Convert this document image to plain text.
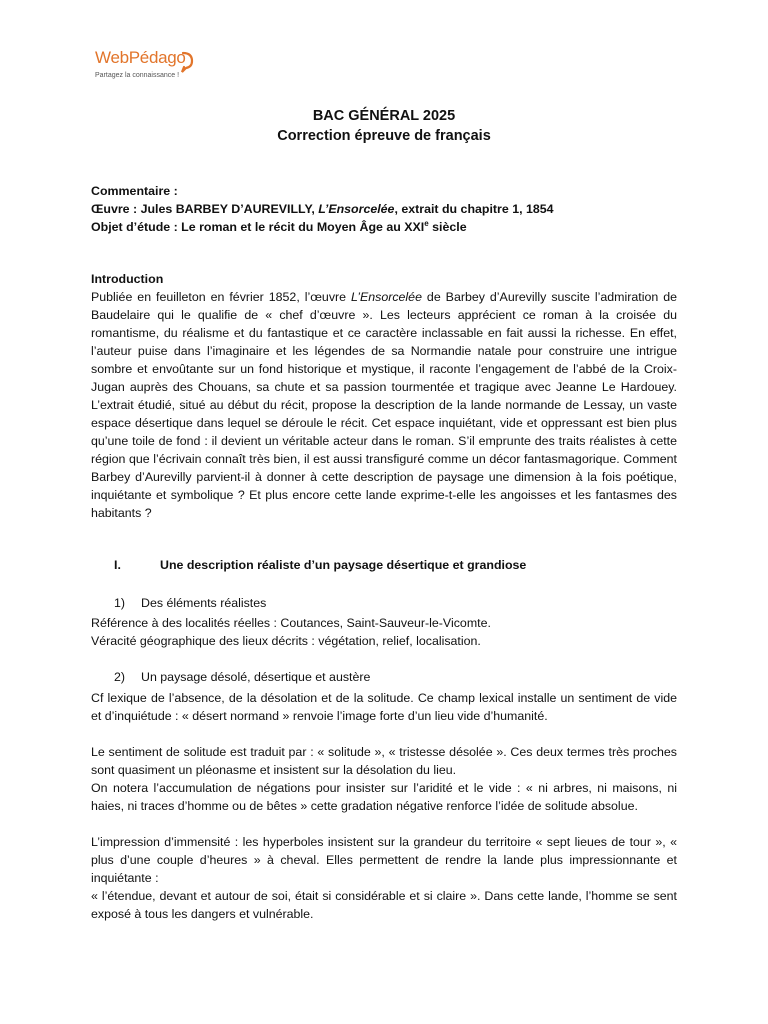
WebPédago
Partagez la connaissance !
BAC GÉNÉRAL 2025
Correction épreuve de français
Commentaire :
Œuvre : Jules BARBEY D’AUREVILLY, L’Ensorcelée, extrait du chapitre 1, 1854
Objet d’étude : Le roman et le récit du Moyen Âge au XXIe siècle
Introduction

Publiée en feuilleton en février 1852, l’œuvre L’Ensorcelée de Barbey d’Aurevilly suscite l’admiration de Baudelaire qui le qualifie de « chef d’œuvre ». Les lecteurs apprécient ce roman à la croisée du romantisme, du réalisme et du fantastique et ce caractère inclassable en fait aussi la richesse. En effet, l’auteur puise dans l’imaginaire et les légendes de sa Normandie natale pour construire une intrigue sombre et envoûtante sur un fond historique et mystique, il raconte l’engagement de l’abbé de la Croix-Jugan auprès des Chouans, sa chute et sa passion tourmentée et tragique avec Jeanne Le Hardouey. L’extrait étudié, situé au début du récit, propose la description de la lande normande de Lessay, un vaste espace désertique dans lequel se déroule le récit. Cet espace inquiétant, vide et oppressant est bien plus qu’une toile de fond : il devient un véritable acteur dans le roman. S’il emprunte des traits réalistes à cette région que l’écrivain connaît très bien, il est aussi transfiguré comme un décor fantasmagorique. Comment Barbey d’Aurevilly parvient-il à donner à cette description de paysage une dimension à la fois poétique, inquiétante et symbolique ? Et plus encore cette lande exprime-t-elle les angoisses et les fantasmes des habitants ?

I.	Une description réaliste d’un paysage désertique et grandiose
1) Des éléments réalistes
Référence à des localités réelles : Coutances, Saint-Sauveur-le-Vicomte.
Véracité géographique des lieux décrits : végétation, relief, localisation.
2) Un paysage désolé, désertique et austère

Cf lexique de l’absence, de la désolation et de la solitude. Ce champ lexical installe un sentiment de vide et d’inquiétude : « désert normand » renvoie l’image forte d’un lieu vide d’humanité.

Le sentiment de solitude est traduit par : « solitude », « tristesse désolée ». Ces deux termes très proches sont quasiment un pléonasme et insistent sur la désolation du lieu.

On notera l’accumulation de négations pour insister sur l’aridité et le vide : « ni arbres, ni maisons, ni haies, ni traces d’homme ou de bêtes » cette gradation négative renforce l’idée de solitude absolue.

L’impression d’immensité : les hyperboles insistent sur la grandeur du territoire « sept lieues de tour », « plus d’une couple d’heures » à cheval. Elles permettent de rendre la lande plus impressionnante et inquiétante :

« l’étendue, devant et autour de soi, était si considérable et si claire ». Dans cette lande, l’homme se sent exposé à tous les dangers et vulnérable.
